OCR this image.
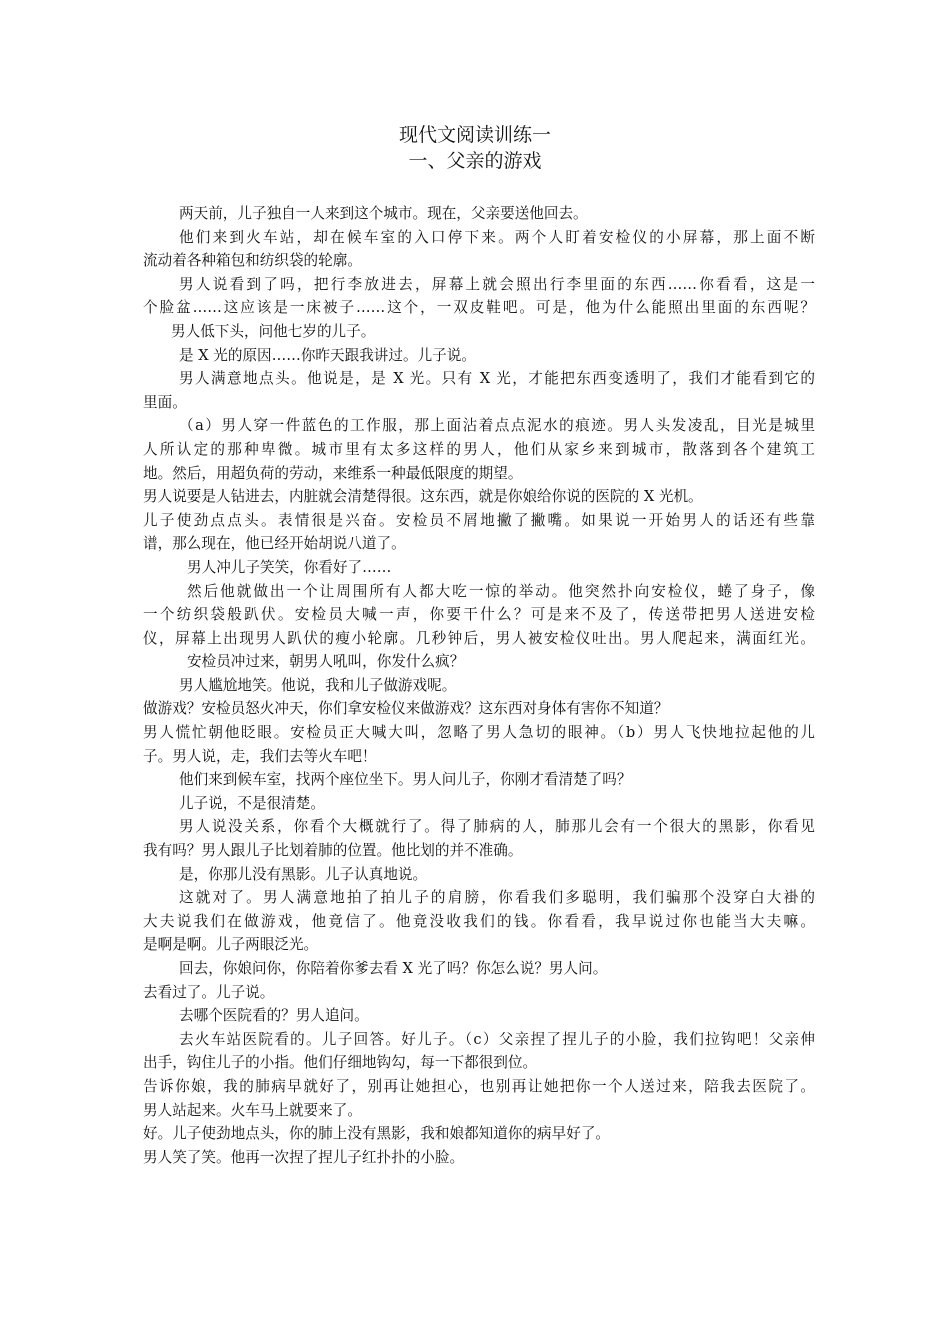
现代文阅读训练一
一、父亲的游戏
两天前，儿子独自一人来到这个城市。现在，父亲要送他回去。
他们来到火车站，却在候车室的入口停下来。两个人盯着安检仪的小屏幕，那上面不断
流动着各种箱包和纺织袋的轮廓。
男人说看到了吗，把行李放进去，屏幕上就会照出行李里面的东西……你看看，这是一
个脸盆……这应该是一床被子……这个，一双皮鞋吧。可是，他为什么能照出里面的东西呢？
男人低下头，问他七岁的儿子。
是 X 光的原因……你昨天跟我讲过。儿子说。
男人满意地点头。他说是，是 X 光。只有 X 光，才能把东西变透明了，我们才能看到它的
里面。
（a）男人穿一件蓝色的工作服，那上面沾着点点泥水的痕迹。男人头发凌乱，目光是城里
人所认定的那种卑微。城市里有太多这样的男人，他们从家乡来到城市，散落到各个建筑工
地。然后，用超负荷的劳动，来维系一种最低限度的期望。
男人说要是人钻进去，内脏就会清楚得很。这东西，就是你娘给你说的医院的 X 光机。
儿子使劲点点头。表情很是兴奋。安检员不屑地撇了撇嘴。如果说一开始男人的话还有些靠
谱，那么现在，他已经开始胡说八道了。
男人冲儿子笑笑，你看好了……
然后他就做出一个让周围所有人都大吃一惊的举动。他突然扑向安检仪，蜷了身子，像
一个纺织袋般趴伏。安检员大喊一声，你要干什么？可是来不及了，传送带把男人送进安检
仪，屏幕上出现男人趴伏的瘦小轮廓。几秒钟后，男人被安检仪吐出。男人爬起来，满面红光。
安检员冲过来，朝男人吼叫，你发什么疯？
男人尴尬地笑。他说，我和儿子做游戏呢。
做游戏？安检员怒火冲天，你们拿安检仪来做游戏？这东西对身体有害你不知道？
男人慌忙朝他眨眼。安检员正大喊大叫，忽略了男人急切的眼神。（b）男人飞快地拉起他的儿
子。男人说，走，我们去等火车吧！
他们来到候车室，找两个座位坐下。男人问儿子，你刚才看清楚了吗？
儿子说，不是很清楚。
男人说没关系，你看个大概就行了。得了肺病的人，肺那儿会有一个很大的黑影，你看见
我有吗？男人跟儿子比划着肺的位置。他比划的并不准确。
是，你那儿没有黑影。儿子认真地说。
这就对了。男人满意地拍了拍儿子的肩膀，你看我们多聪明，我们骗那个没穿白大褂的
大夫说我们在做游戏，他竟信了。他竟没收我们的钱。你看看，我早说过你也能当大夫嘛。
是啊是啊。儿子两眼泛光。
回去，你娘问你，你陪着你爹去看 X 光了吗？你怎么说？男人问。
去看过了。儿子说。
去哪个医院看的？男人追问。
去火车站医院看的。儿子回答。好儿子。（c）父亲捏了捏儿子的小脸，我们拉钩吧！父亲伸
出手，钩住儿子的小指。他们仔细地钩勾，每一下都很到位。
告诉你娘，我的肺病早就好了，别再让她担心，也别再让她把你一个人送过来，陪我去医院了。
男人站起来。火车马上就要来了。
好。儿子使劲地点头，你的肺上没有黑影，我和娘都知道你的病早好了。
男人笑了笑。他再一次捏了捏儿子红扑扑的小脸。
